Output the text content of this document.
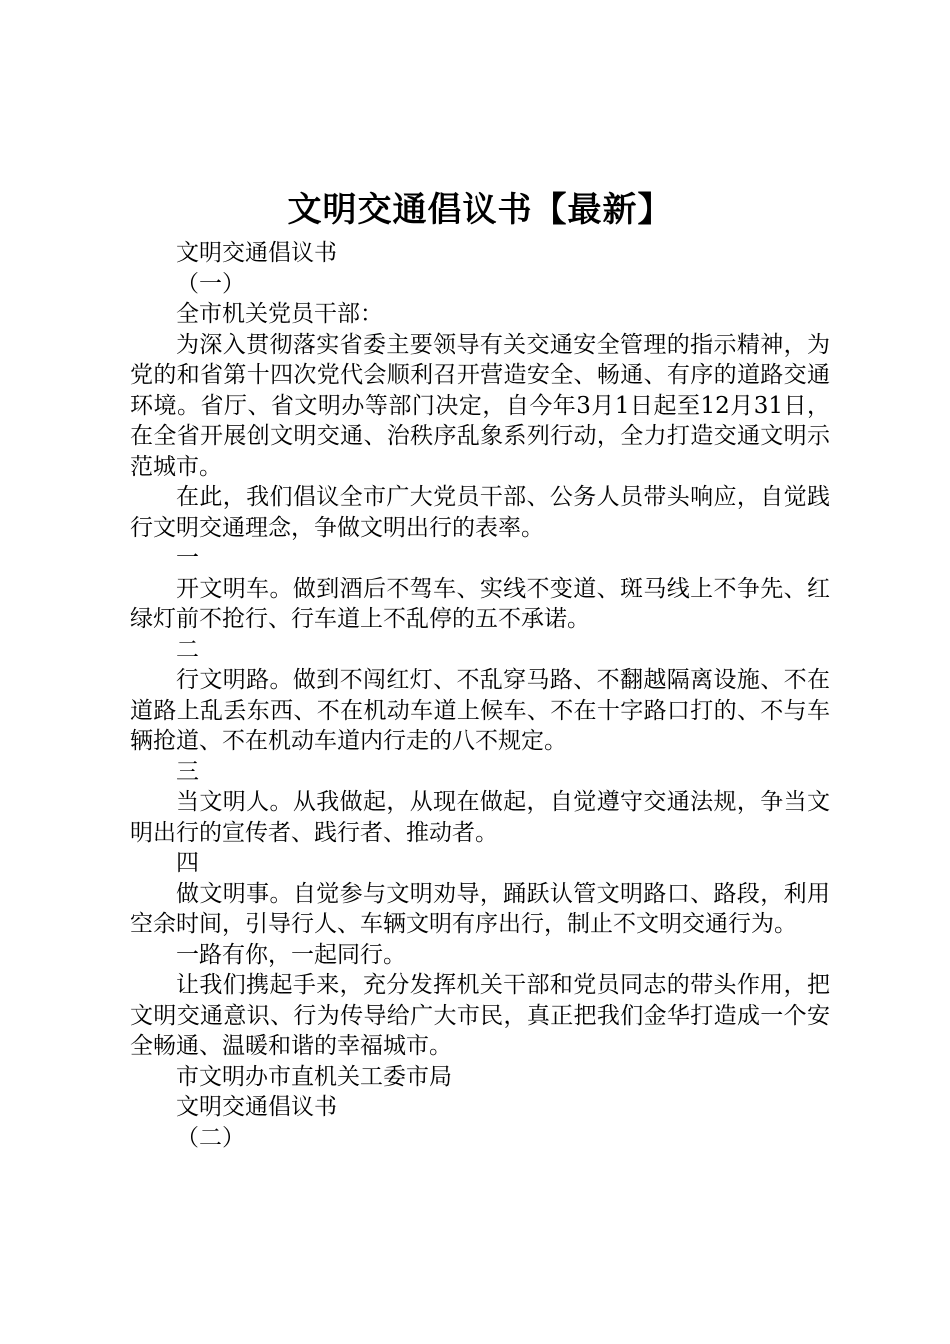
文明交通倡议书【最新】

文明交通倡议书

（一）

全市机关党员干部：

为深入贯彻落实省委主要领导有关交通安全管理的指示精神，为党的和省第十四次党代会顺利召开营造安全、畅通、有序的道路交通环境。省厅、省文明办等部门决定，自今年3月1日起至12月31日，在全省开展创文明交通、治秩序乱象系列行动，全力打造交通文明示范城市。

在此，我们倡议全市广大党员干部、公务人员带头响应，自觉践行文明交通理念，争做文明出行的表率。

一

开文明车。做到酒后不驾车、实线不变道、斑马线上不争先、红绿灯前不抢行、行车道上不乱停的五不承诺。

二

行文明路。做到不闯红灯、不乱穿马路、不翻越隔离设施、不在道路上乱丢东西、不在机动车道上候车、不在十字路口打的、不与车辆抢道、不在机动车道内行走的八不规定。

三

当文明人。从我做起，从现在做起，自觉遵守交通法规，争当文明出行的宣传者、践行者、推动者。

四

做文明事。自觉参与文明劝导，踊跃认管文明路口、路段，利用空余时间，引导行人、车辆文明有序出行，制止不文明交通行为。

一路有你，一起同行。

让我们携起手来，充分发挥机关干部和党员同志的带头作用，把文明交通意识、行为传导给广大市民，真正把我们金华打造成一个安全畅通、温暖和谐的幸福城市。

市文明办市直机关工委市局

文明交通倡议书

（二）
